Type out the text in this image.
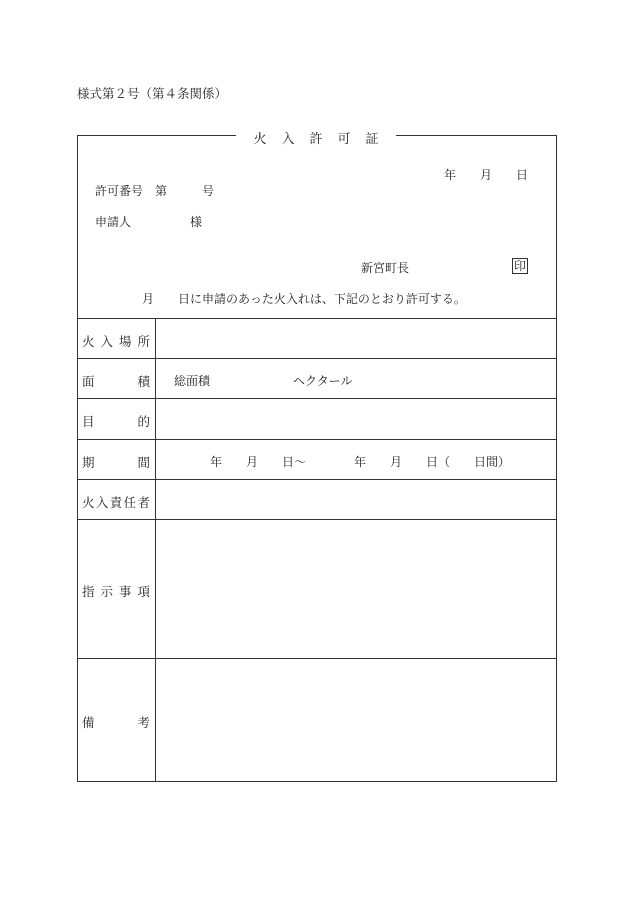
様式第２号（第４条関係）
火入許可証
年　　月　　日
許可番号　第	号
申請人	様
新宮町長	印
月　　日に申請のあった火入れは、下記のとおり許可する。
火入場所
面積	総面積	ヘクタール
目的
期間	年　　月　　日～　　　　年　　月　　日（　　日間）
火入責任者
指示事項
備考
